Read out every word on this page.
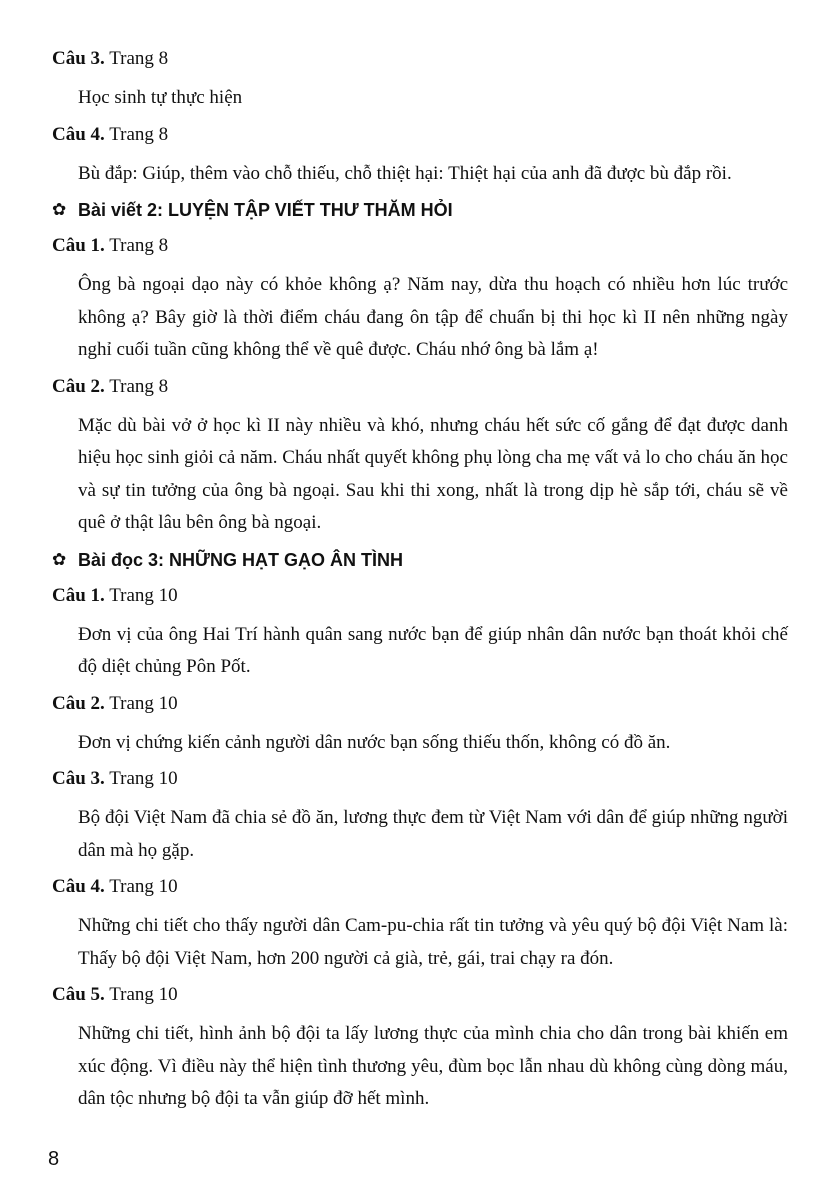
Câu 3. Trang 8
Học sinh tự thực hiện
Câu 4. Trang 8
Bù đắp: Giúp, thêm vào chỗ thiếu, chỗ thiệt hại: Thiệt hại của anh đã được bù đắp rồi.
✿ Bài viết 2: LUYỆN TẬP VIẾT THƯ THĂM HỎI
Câu 1. Trang 8
Ông bà ngoại dạo này có khỏe không ạ? Năm nay, dừa thu hoạch có nhiều hơn lúc trước không ạ? Bây giờ là thời điểm cháu đang ôn tập để chuẩn bị thi học kì II nên những ngày nghỉ cuối tuần cũng không thể về quê được. Cháu nhớ ông bà lắm ạ!
Câu 2. Trang 8
Mặc dù bài vở ở học kì II này nhiều và khó, nhưng cháu hết sức cố gắng để đạt được danh hiệu học sinh giỏi cả năm. Cháu nhất quyết không phụ lòng cha mẹ vất vả lo cho cháu ăn học và sự tin tưởng của ông bà ngoại. Sau khi thi xong, nhất là trong dịp hè sắp tới, cháu sẽ về quê ở thật lâu bên ông bà ngoại.
✿ Bài đọc 3: NHỮNG HẠT GẠO ÂN TÌNH
Câu 1. Trang 10
Đơn vị của ông Hai Trí hành quân sang nước bạn để giúp nhân dân nước bạn thoát khỏi chế độ diệt chủng Pôn Pốt.
Câu 2. Trang 10
Đơn vị chứng kiến cảnh người dân nước bạn sống thiếu thốn, không có đồ ăn.
Câu 3. Trang 10
Bộ đội Việt Nam đã chia sẻ đồ ăn, lương thực đem từ Việt Nam với dân để giúp những người dân mà họ gặp.
Câu 4. Trang 10
Những chi tiết cho thấy người dân Cam-pu-chia rất tin tưởng và yêu quý bộ đội Việt Nam là: Thấy bộ đội Việt Nam, hơn 200 người cả già, trẻ, gái, trai chạy ra đón.
Câu 5. Trang 10
Những chi tiết, hình ảnh bộ đội ta lấy lương thực của mình chia cho dân trong bài khiến em xúc động. Vì điều này thể hiện tình thương yêu, đùm bọc lẫn nhau dù không cùng dòng máu, dân tộc nhưng bộ đội ta vẫn giúp đỡ hết mình.
8
